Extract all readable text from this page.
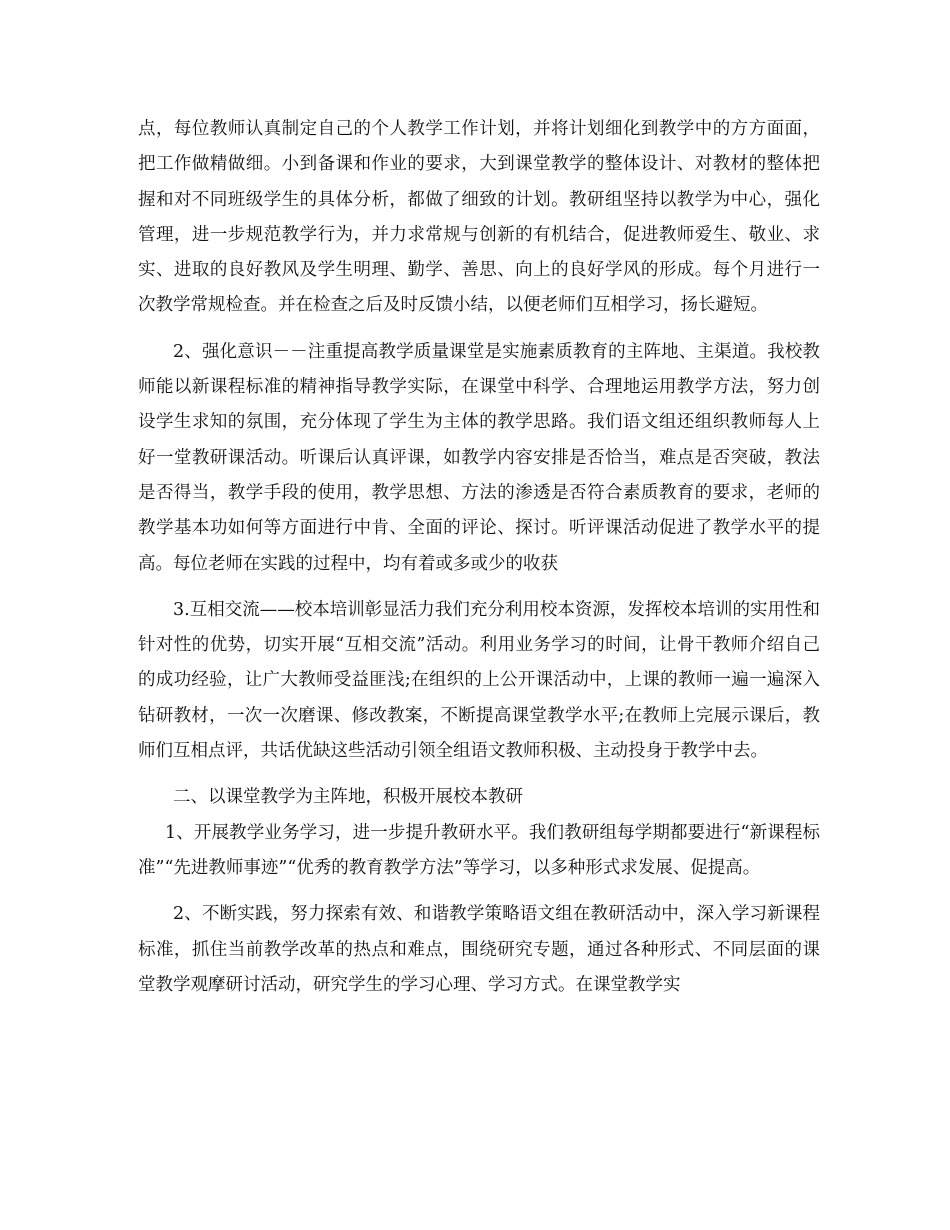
点，每位教师认真制定自己的个人教学工作计划，并将计划细化到教学中的方方面面，把工作做精做细。小到备课和作业的要求，大到课堂教学的整体设计、对教材的整体把握和对不同班级学生的具体分析，都做了细致的计划。教研组坚持以教学为中心，强化管理，进一步规范教学行为，并力求常规与创新的有机结合，促进教师爱生、敬业、求实、进取的良好教风及学生明理、勤学、善思、向上的良好学风的形成。每个月进行一次教学常规检查。并在检查之后及时反馈小结，以便老师们互相学习，扬长避短。

2、强化意识－－注重提高教学质量课堂是实施素质教育的主阵地、主渠道。我校教师能以新课程标准的精神指导教学实际，在课堂中科学、合理地运用教学方法，努力创设学生求知的氛围，充分体现了学生为主体的教学思路。我们语文组还组织教师每人上好一堂教研课活动。听课后认真评课，如教学内容安排是否恰当，难点是否突破，教法是否得当，教学手段的使用，教学思想、方法的渗透是否符合素质教育的要求，老师的教学基本功如何等方面进行中肯、全面的评论、探讨。听评课活动促进了教学水平的提高。每位老师在实践的过程中，均有着或多或少的收获

3.互相交流——校本培训彰显活力我们充分利用校本资源，发挥校本培训的实用性和针对性的优势，切实开展“互相交流”活动。利用业务学习的时间，让骨干教师介绍自己的成功经验，让广大教师受益匪浅;在组织的上公开课活动中，上课的教师一遍一遍深入钻研教材，一次一次磨课、修改教案，不断提高课堂教学水平;在教师上完展示课后，教师们互相点评，共话优缺这些活动引领全组语文教师积极、主动投身于教学中去。

二、以课堂教学为主阵地，积极开展校本教研

1、开展教学业务学习，进一步提升教研水平。我们教研组每学期都要进行“新课程标准”“先进教师事迹”“优秀的教育教学方法”等学习，以多种形式求发展、促提高。

2、不断实践，努力探索有效、和谐教学策略语文组在教研活动中，深入学习新课程标准，抓住当前教学改革的热点和难点，围绕研究专题，通过各种形式、不同层面的课堂教学观摩研讨活动，研究学生的学习心理、学习方式。在课堂教学实
